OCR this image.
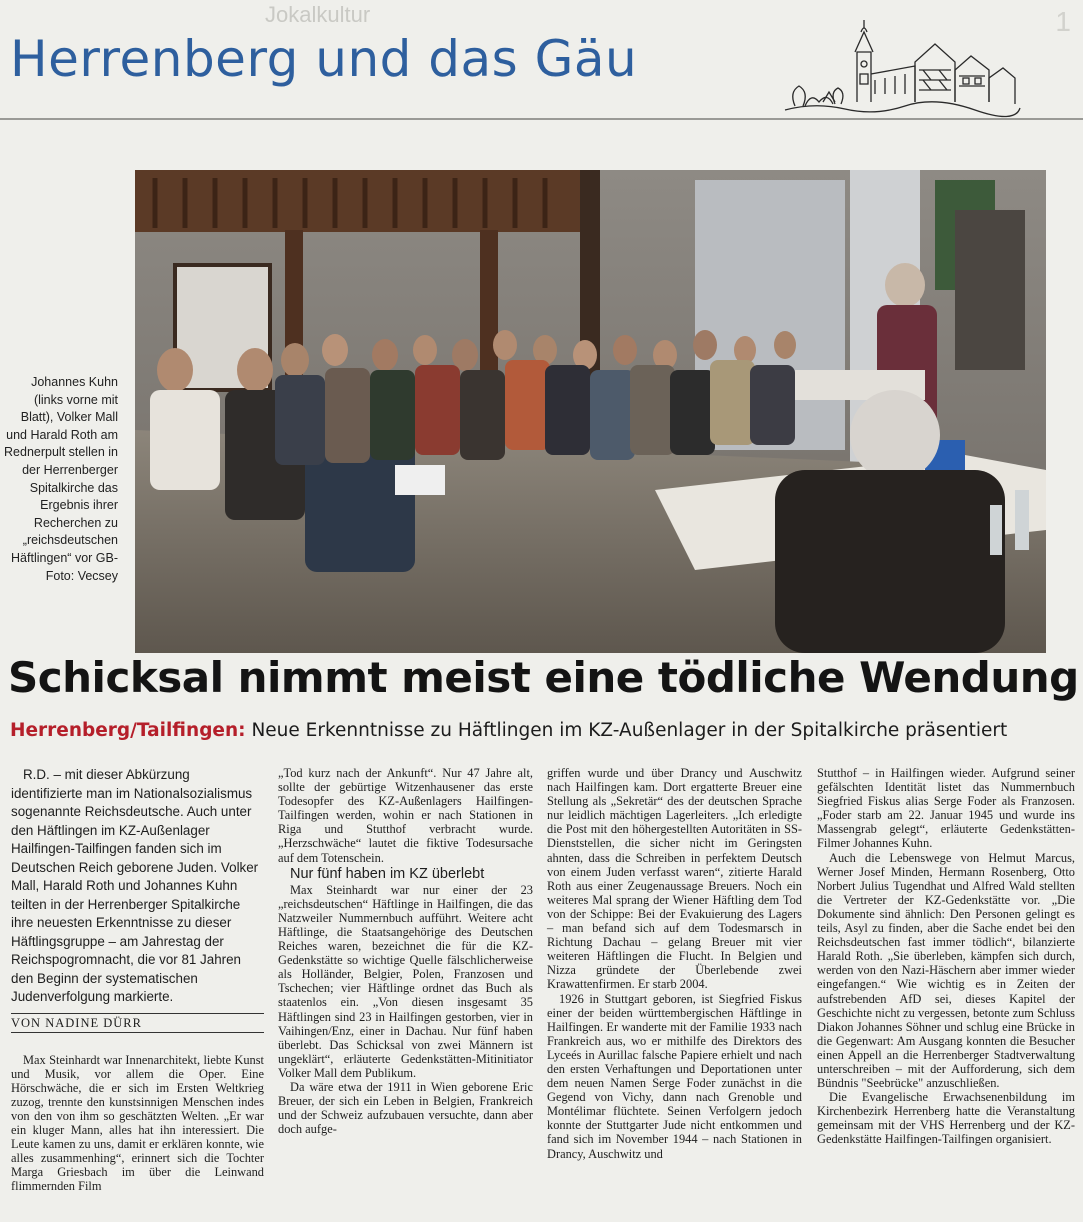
Jokalkultur	1
Herrenberg und das Gäu
Johannes Kuhn (links vorne mit Blatt), Volker Mall und Harald Roth am Rednerpult stellen in der Herrenberger Spitalkirche das Ergebnis ihrer Recherchen zu „reichsdeutschen Häftlingen“ vor GB-Foto: Vecsey
Schicksal nimmt meist eine tödliche Wendung
Herrenberg/Tailfingen: Neue Erkenntnisse zu Häftlingen im KZ-Außenlager in der Spitalkirche präsentiert

R.D. – mit dieser Abkürzung identifizierte man im Nationalsozialismus sogenannte Reichsdeutsche. Auch unter den Häftlingen im KZ-Außenlager Hailfingen-Tailfingen fanden sich im Deutschen Reich geborene Juden. Volker Mall, Harald Roth und Johannes Kuhn teilten in der Herrenberger Spitalkirche ihre neuesten Erkenntnisse zu dieser Häftlingsgruppe – am Jahrestag der Reichspogromnacht, die vor 81 Jahren den Beginn der systematischen Judenverfolgung markierte.

VON NADINE DÜRR

Max Steinhardt war Innenarchitekt, liebte Kunst und Musik, vor allem die Oper. Eine Hörschwäche, die er sich im Ersten Weltkrieg zuzog, trennte den kunstsinnigen Menschen indes von den von ihm so geschätzten Welten. „Er war ein kluger Mann, alles hat ihn interessiert. Die Leute kamen zu uns, damit er erklären konnte, wie alles zusammenhing“, erinnert sich die Tochter Marga Griesbach im über die Leinwand flimmernden Film

„Tod kurz nach der Ankunft“. Nur 47 Jahre alt, sollte der gebürtige Witzenhausener das erste Todesopfer des KZ-Außenlagers Hailfingen-Tailfingen werden, wohin er nach Stationen in Riga und Stutthof verbracht wurde. „Herzschwäche“ lautet die fiktive Todesursache auf dem Totenschein.

Nur fünf haben im KZ überlebt

Max Steinhardt war nur einer der 23 „reichsdeutschen“ Häftlinge in Hailfingen, die das Natzweiler Nummernbuch aufführt. Weitere acht Häftlinge, die Staatsangehörige des Deutschen Reiches waren, bezeichnet die für die KZ-Gedenkstätte so wichtige Quelle fälschlicherweise als Holländer, Belgier, Polen, Franzosen und Tschechen; vier Häftlinge ordnet das Buch als staatenlos ein. „Von diesen insgesamt 35 Häftlingen sind 23 in Hailfingen gestorben, vier in Vaihingen/Enz, einer in Dachau. Nur fünf haben überlebt. Das Schicksal von zwei Männern ist ungeklärt“, erläuterte Gedenkstätten-Mitinitiator Volker Mall dem Publikum.

Da wäre etwa der 1911 in Wien geborene Eric Breuer, der sich ein Leben in Belgien, Frankreich und der Schweiz aufzubauen versuchte, dann aber doch aufge-

griffen wurde und über Drancy und Auschwitz nach Hailfingen kam. Dort ergatterte Breuer eine Stellung als „Sekretär“ des der deutschen Sprache nur leidlich mächtigen Lagerleiters. „Ich erledigte die Post mit den höhergestellten Autoritäten in SS-Dienststellen, die sicher nicht im Geringsten ahnten, dass die Schreiben in perfektem Deutsch von einem Juden verfasst waren“, zitierte Harald Roth aus einer Zeugenaussage Breuers. Noch ein weiteres Mal sprang der Wiener Häftling dem Tod von der Schippe: Bei der Evakuierung des Lagers – man befand sich auf dem Todesmarsch in Richtung Dachau – gelang Breuer mit vier weiteren Häftlingen die Flucht. In Belgien und Nizza gründete der Überlebende zwei Krawattenfirmen. Er starb 2004.

1926 in Stuttgart geboren, ist Siegfried Fiskus einer der beiden württembergischen Häftlinge in Hailfingen. Er wanderte mit der Familie 1933 nach Frankreich aus, wo er mithilfe des Direktors des Lyceés in Aurillac falsche Papiere erhielt und nach den ersten Verhaftungen und Deportationen unter dem neuen Namen Serge Foder zunächst in die Gegend von Vichy, dann nach Grenoble und Montélimar flüchtete. Seinen Verfolgern jedoch konnte der Stuttgarter Jude nicht entkommen und fand sich im November 1944 – nach Stationen in Drancy, Auschwitz und

Stutthof – in Hailfingen wieder. Aufgrund seiner gefälschten Identität listet das Nummernbuch Siegfried Fiskus alias Serge Foder als Franzosen. „Foder starb am 22. Januar 1945 und wurde ins Massengrab gelegt“, erläuterte Gedenkstätten-Filmer Johannes Kuhn.

Auch die Lebenswege von Helmut Marcus, Werner Josef Minden, Hermann Rosenberg, Otto Norbert Julius Tugendhat und Alfred Wald stellten die Vertreter der KZ-Gedenkstätte vor. „Die Dokumente sind ähnlich: Den Personen gelingt es teils, Asyl zu finden, aber die Sache endet bei den Reichsdeutschen fast immer tödlich“, bilanzierte Harald Roth. „Sie überleben, kämpfen sich durch, werden von den Nazi-Häschern aber immer wieder eingefangen.“ Wie wichtig es in Zeiten der aufstrebenden AfD sei, dieses Kapitel der Geschichte nicht zu vergessen, betonte zum Schluss Diakon Johannes Söhner und schlug eine Brücke in die Gegenwart: Am Ausgang konnten die Besucher einen Appell an die Herrenberger Stadtverwaltung unterschreiben – mit der Aufforderung, sich dem Bündnis "Seebrücke" anzuschließen.

Die Evangelische Erwachsenenbildung im Kirchenbezirk Herrenberg hatte die Veranstaltung gemeinsam mit der VHS Herrenberg und der KZ-Gedenkstätte Hailfingen-Tailfingen organisiert.
